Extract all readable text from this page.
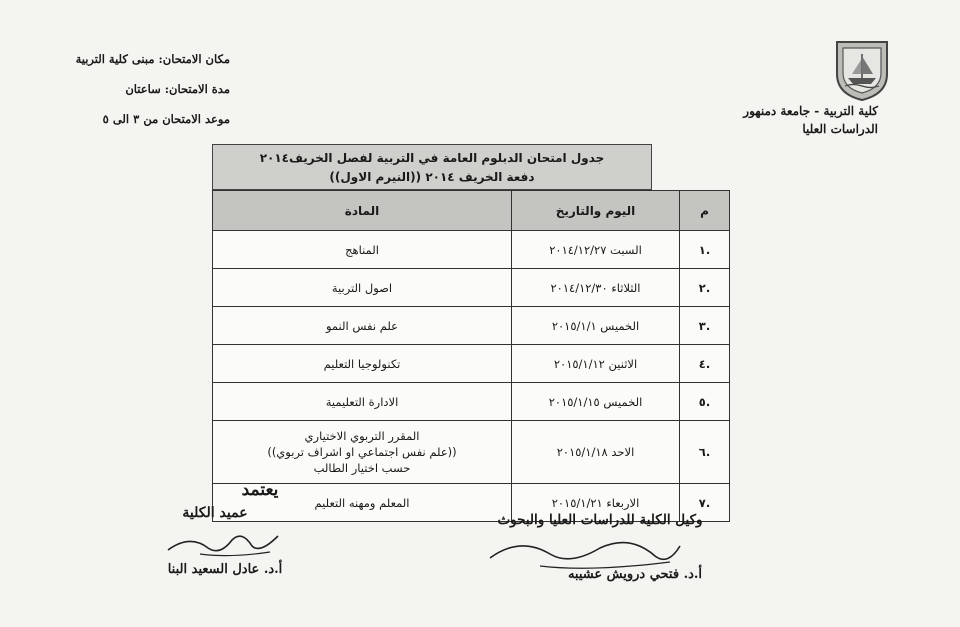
كلية التربية - جامعة دمنهور
الدراسات العليا
مكان الامتحان: مبنى كلية التربية
مدة الامتحان: ساعتان
موعد الامتحان من ٣ الى ٥
جدول امتحان الدبلوم العامة في التربية لفصل الخريف٢٠١٤
دفعة الخريف ٢٠١٤ ((النيرم الاول))
م	اليوم والتاريخ	المادة
.١	السبت ٢٠١٤/١٢/٢٧	المناهج
.٢	الثلاثاء ٢٠١٤/١٢/٣٠	اصول التربية
.٣	الخميس ٢٠١٥/١/١	علم نفس النمو
.٤	الاثنين ٢٠١٥/١/١٢	تكنولوجيا التعليم
.٥	الخميس ٢٠١٥/١/١٥	الادارة التعليمية
.٦	الاحد ٢٠١٥/١/١٨	المقرر التربوي الاختياري
((علم نفس اجتماعي او اشراف تربوي))
حسب اختيار الطالب

.٧	الاربعاء ٢٠١٥/١/٢١	المعلم ومهنه التعليم
يعتمد
عميد الكلية
أ.د. عادل السعيد البنا
وكيل الكلية للدراسات العليا والبحوث
أ.د. فتحي درويش عشيبه
